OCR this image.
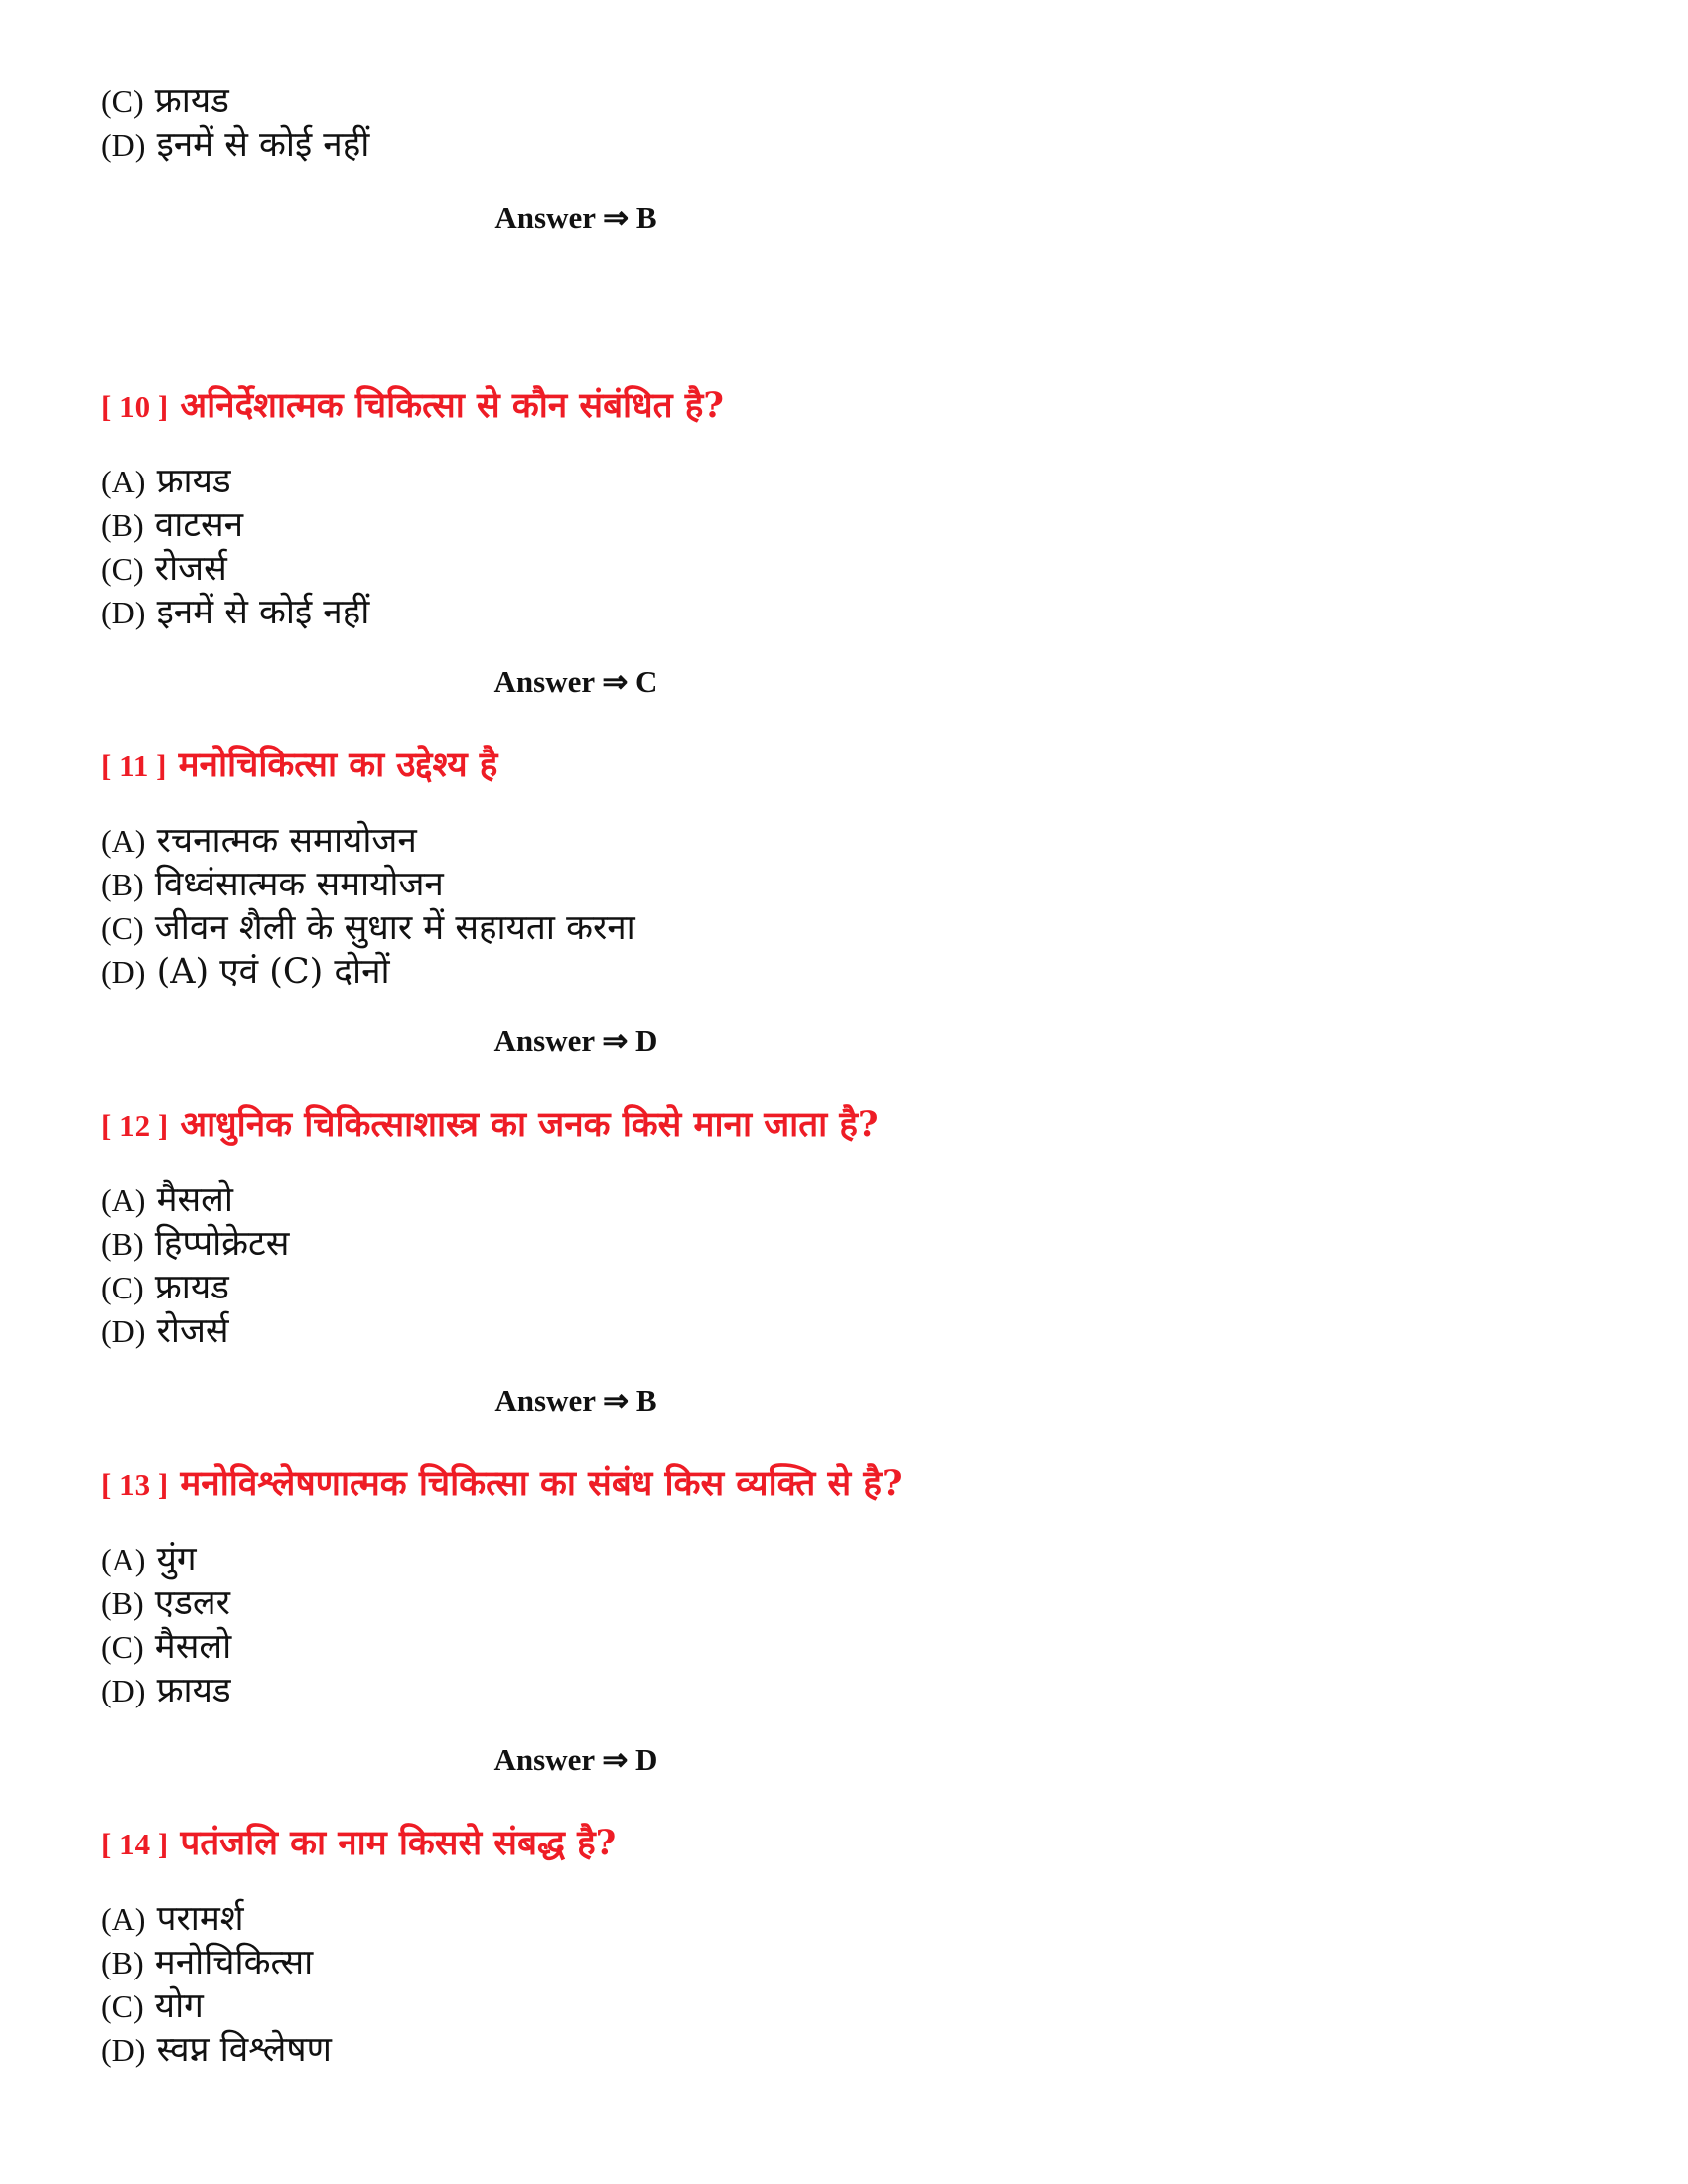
(C) फ्रायड
(D) इनमें से कोई नहीं
Answer ⇒ B
[ 10 ] अनिर्देशात्मक चिकित्सा से कौन संबंधित है?
(A) फ्रायड
(B) वाटसन
(C) रोजर्स
(D) इनमें से कोई नहीं
Answer ⇒ C
[ 11 ] मनोचिकित्सा का उद्देश्य है
(A) रचनात्मक समायोजन
(B) विध्वंसात्मक समायोजन
(C) जीवन शैली के सुधार में सहायता करना
(D) (A) एवं (C) दोनों
Answer ⇒ D
[ 12 ] आधुनिक चिकित्साशास्त्र का जनक किसे माना जाता है?
(A) मैसलो
(B) हिप्पोक्रेटस
(C) फ्रायड
(D) रोजर्स
Answer ⇒ B
[ 13 ] मनोविश्लेषणात्मक चिकित्सा का संबंध किस व्यक्ति से है?
(A) युंग
(B) एडलर
(C) मैसलो
(D) फ्रायड
Answer ⇒ D
[ 14 ] पतंजलि का नाम किससे संबद्ध है?
(A) परामर्श
(B) मनोचिकित्सा
(C) योग
(D) स्वप्न विश्लेषण
